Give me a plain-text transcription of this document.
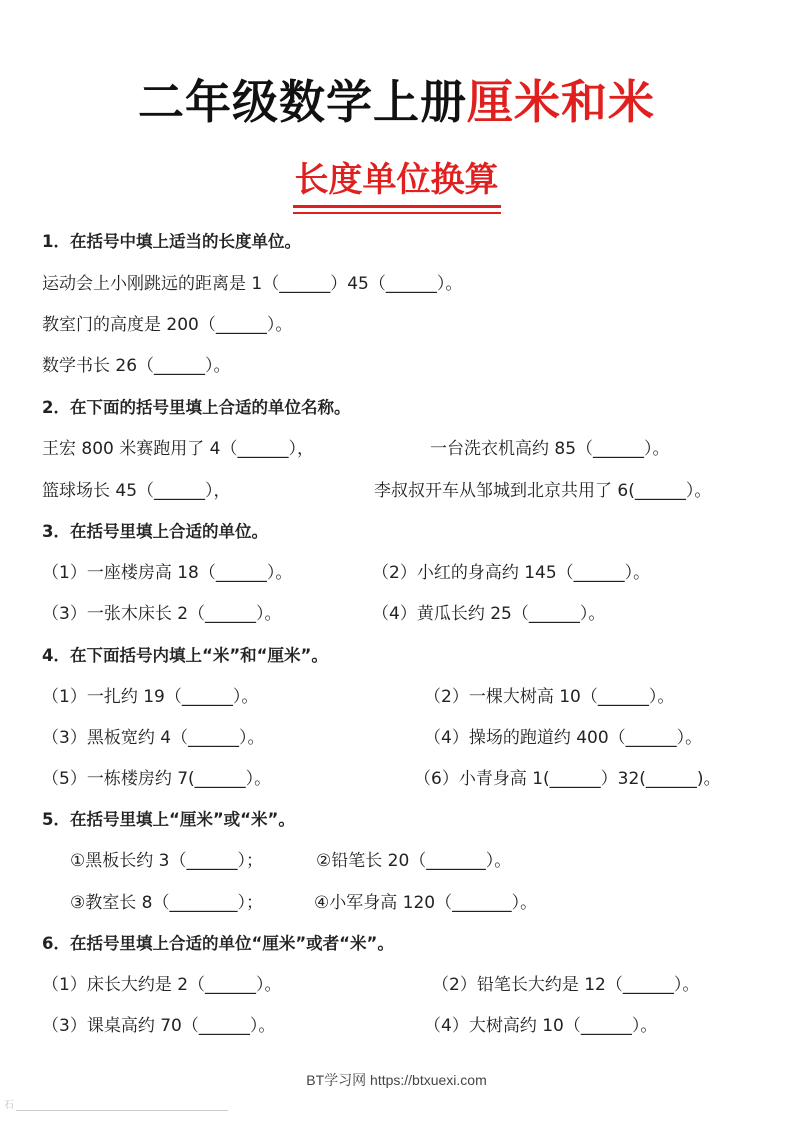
二年级数学上册厘米和米
长度单位换算
1．在括号中填上适当的长度单位。
运动会上小刚跳远的距离是 1（______）45（______）。
教室门的高度是 200（______）。
数学书长 26（______）。
2．在下面的括号里填上合适的单位名称。
王宏 800 米赛跑用了 4（______），	一台洗衣机高约 85（______）。
篮球场长 45（______），	李叔叔开车从邹城到北京共用了 6(______）。
3．在括号里填上合适的单位。
（1）一座楼房高 18（______）。	（2）小红的身高约 145（______）。
（3）一张木床长 2（______）。	（4）黄瓜长约 25（______）。
4．在下面括号内填上“米”和“厘米”。
（1）一扎约 19（______）。	（2）一棵大树高 10（______）。
（3）黑板宽约 4（______）。	（4）操场的跑道约 400（______）。
（5）一栋楼房约 7(______）。	（6）小青身高 1(______）32(______)。
5．在括号里填上“厘米”或“米”。
①黑板长约 3（______）；	②铅笔长 20（_______）。
③教室长 8（________）；	④小军身高 120（_______）。
6．在括号里填上合适的单位“厘米”或者“米”。
（1）床长大约是 2（______）。	（2）铅笔长大约是 12（______）。
（3）课桌高约 70（______）。	（4）大树高约 10（______）。
BT学习网 https://btxuexi.com
石
